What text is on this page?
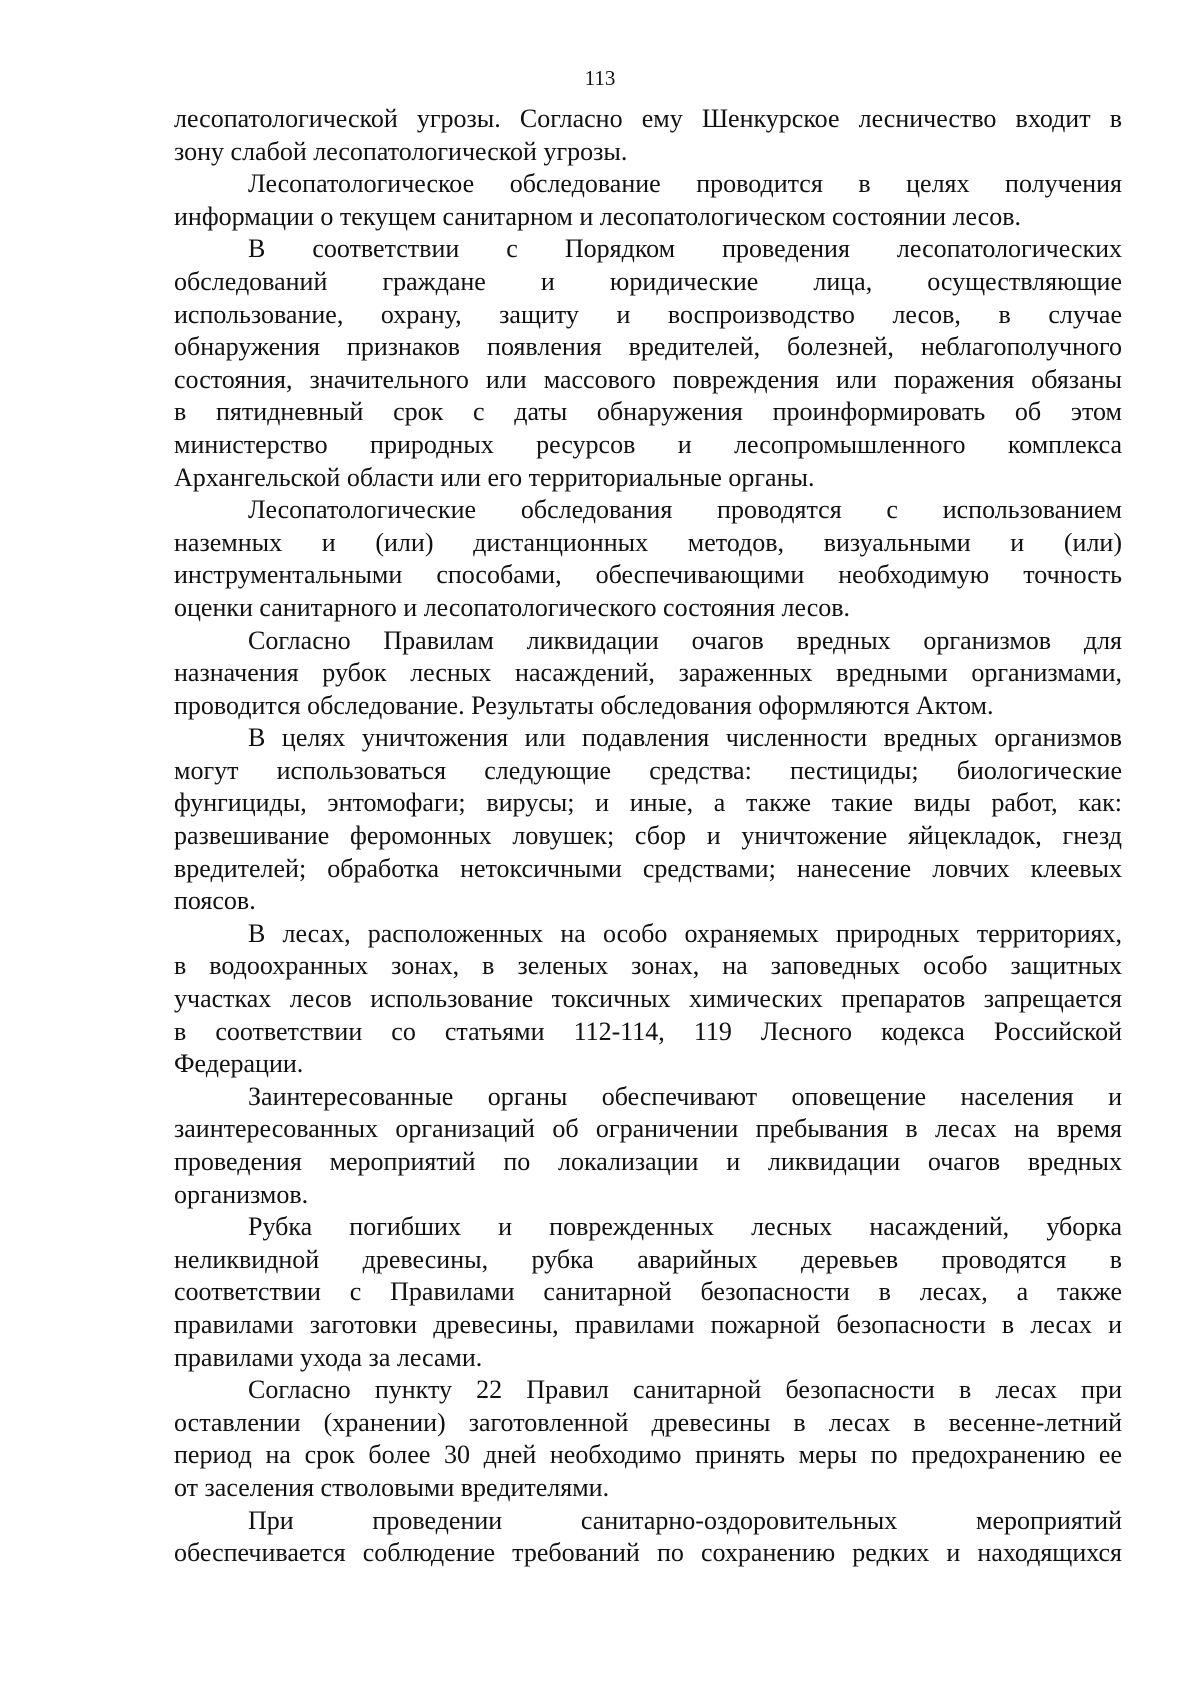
113
лесопатологической угрозы. Согласно ему Шенкурское лесничество входит в
зону слабой лесопатологической угрозы.
Лесопатологическое обследование проводится в целях получения
информации о текущем санитарном и лесопатологическом состоянии лесов.
В соответствии с Порядком проведения лесопатологических
обследований граждане и юридические лица, осуществляющие
использование, охрану, защиту и воспроизводство лесов, в случае
обнаружения признаков появления вредителей, болезней, неблагополучного
состояния, значительного или массового повреждения или поражения обязаны
в пятидневный срок с даты обнаружения проинформировать об этом
министерство природных ресурсов и лесопромышленного комплекса
Архангельской области или его территориальные органы.
Лесопатологические обследования проводятся с использованием
наземных и (или) дистанционных методов, визуальными и (или)
инструментальными способами, обеспечивающими необходимую точность
оценки санитарного и лесопатологического состояния лесов.
Согласно Правилам ликвидации очагов вредных организмов для
назначения рубок лесных насаждений, зараженных вредными организмами,
проводится обследование. Результаты обследования оформляются Актом.
В целях уничтожения или подавления численности вредных организмов
могут использоваться следующие средства: пестициды; биологические
фунгициды, энтомофаги; вирусы; и иные, а также такие виды работ, как:
развешивание феромонных ловушек; сбор и уничтожение яйцекладок, гнезд
вредителей; обработка нетоксичными средствами; нанесение ловчих клеевых
поясов.
В лесах, расположенных на особо охраняемых природных территориях,
в водоохранных зонах, в зеленых зонах, на заповедных особо защитных
участках лесов использование токсичных химических препаратов запрещается
в соответствии со статьями 112-114, 119 Лесного кодекса Российской
Федерации.
Заинтересованные органы обеспечивают оповещение населения и
заинтересованных организаций об ограничении пребывания в лесах на время
проведения мероприятий по локализации и ликвидации очагов вредных
организмов.
Рубка погибших и поврежденных лесных насаждений, уборка
неликвидной древесины, рубка аварийных деревьев проводятся в
соответствии с Правилами санитарной безопасности в лесах, а также
правилами заготовки древесины, правилами пожарной безопасности в лесах и
правилами ухода за лесами.
Согласно пункту 22 Правил санитарной безопасности в лесах при
оставлении (хранении) заготовленной древесины в лесах в весенне-летний
период на срок более 30 дней необходимо принять меры по предохранению ее
от заселения стволовыми вредителями.
При проведении санитарно-оздоровительных мероприятий
обеспечивается соблюдение требований по сохранению редких и находящихся
